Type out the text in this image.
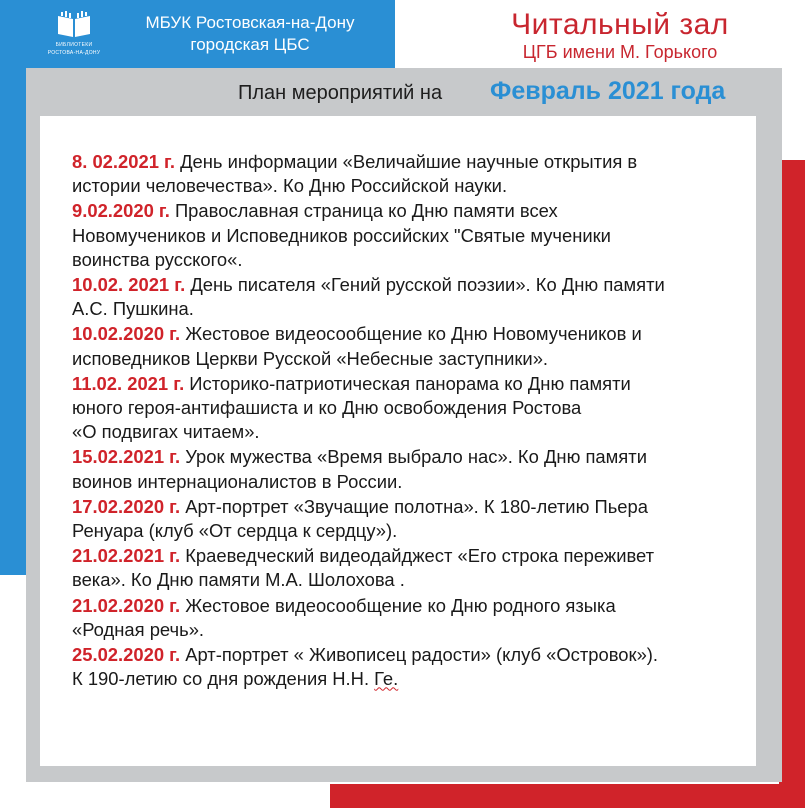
БИБЛИОТЕКИ
РОСТОВА-НА-ДОНУ
МБУК Ростовская-на-Дону
городская ЦБС
Читальный зал
ЦГБ имени М. Горького
План мероприятий на Февраль 2021 года
8. 02.2021 г. День информации «Величайшие научные открытия в
истории человечества». Ко Дню Российской науки.
9.02.2020 г. Православная страница ко Дню памяти всех
Новомучеников и Исповедников российских "Святые мученики
воинства русского«.
10.02. 2021 г. День писателя «Гений русской поэзии». Ко Дню памяти
А.С. Пушкина.
10.02.2020 г. Жестовое видеосообщение ко Дню Новомучеников и
исповедников Церкви Русской «Небесные заступники».
11.02. 2021 г. Историко-патриотическая панорама ко Дню памяти
юного героя-антифашиста и ко Дню освобождения Ростова
«О подвигах читаем».
15.02.2021 г. Урок мужества «Время выбрало нас». Ко Дню памяти
воинов интернационалистов в России.
17.02.2020 г. Арт-портрет «Звучащие полотна». К 180-летию Пьера
Ренуара (клуб «От сердца к сердцу»).
21.02.2021 г. Краеведческий видеодайджест «Его строка переживет
века». Ко Дню памяти М.А. Шолохова .
21.02.2020 г. Жестовое видеосообщение ко Дню родного языка
«Родная речь».
25.02.2020 г. Арт-портрет « Живописец радости» (клуб «Островок»).
К 190-летию со дня рождения Н.Н. Ге.
